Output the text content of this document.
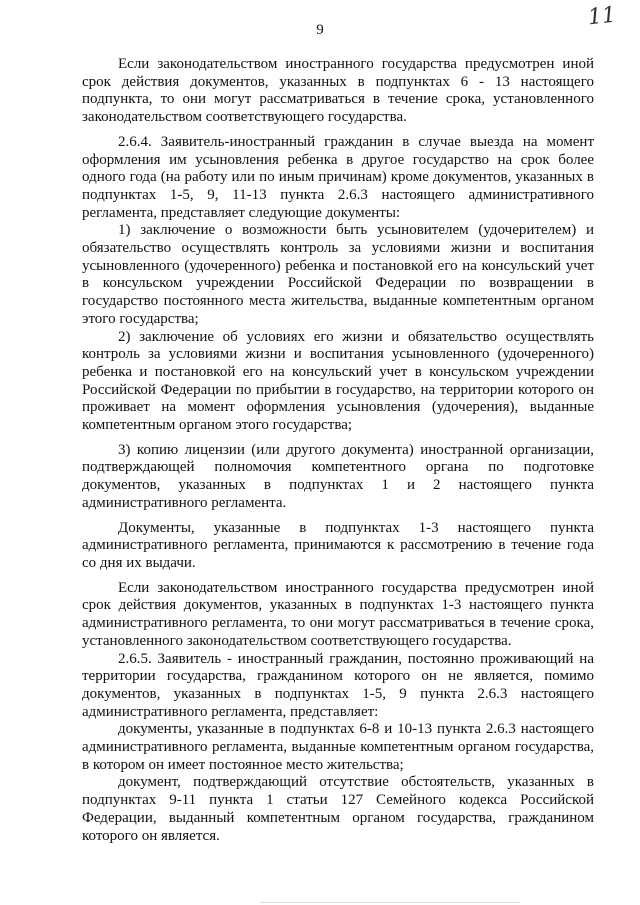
11
9

Если законодательством иностранного государства предусмотрен иной срок действия документов, указанных в подпунктах 6 - 13 настоящего подпункта, то они могут рассматриваться в течение срока, установленного законодательством соответствующего государства.

2.6.4. Заявитель-иностранный гражданин в случае выезда на момент оформления им усыновления ребенка в другое государство на срок более одного года (на работу или по иным причинам) кроме документов, указанных в подпунктах 1-5, 9, 11-13 пункта 2.6.3 настоящего административного регламента, представляет следующие документы:

1) заключение о возможности быть усыновителем (удочерителем) и обязательство осуществлять контроль за условиями жизни и воспитания усыновленного (удочеренного) ребенка и постановкой его на консульский учет в консульском учреждении Российской Федерации по возвращении в государство постоянного места жительства, выданные компетентным органом этого государства;

2) заключение об условиях его жизни и обязательство осуществлять контроль за условиями жизни и воспитания усыновленного (удочеренного) ребенка и постановкой его на консульский учет в консульском учреждении Российской Федерации по прибытии в государство, на территории которого он проживает на момент оформления усыновления (удочерения), выданные компетентным органом этого государства;

3) копию лицензии (или другого документа) иностранной организации, подтверждающей полномочия компетентного органа по подготовке документов, указанных в подпунктах 1 и 2 настоящего пункта административного регламента.

Документы, указанные в подпунктах 1-3 настоящего пункта административного регламента, принимаются к рассмотрению в течение года со дня их выдачи.

Если законодательством иностранного государства предусмотрен иной срок действия документов, указанных в подпунктах 1-3 настоящего пункта административного регламента, то они могут рассматриваться в течение срока, установленного законодательством соответствующего государства.

2.6.5. Заявитель - иностранный гражданин, постоянно проживающий на территории государства, гражданином которого он не является, помимо документов, указанных в подпунктах 1-5, 9 пункта 2.6.3 настоящего административного регламента, представляет:

документы, указанные в подпунктах 6-8 и 10-13 пункта 2.6.3 настоящего административного регламента, выданные компетентным органом государства, в котором он имеет постоянное место жительства;

документ, подтверждающий отсутствие обстоятельств, указанных в подпунктах 9-11 пункта 1 статьи 127 Семейного кодекса Российской Федерации, выданный компетентным органом государства, гражданином которого он является.
